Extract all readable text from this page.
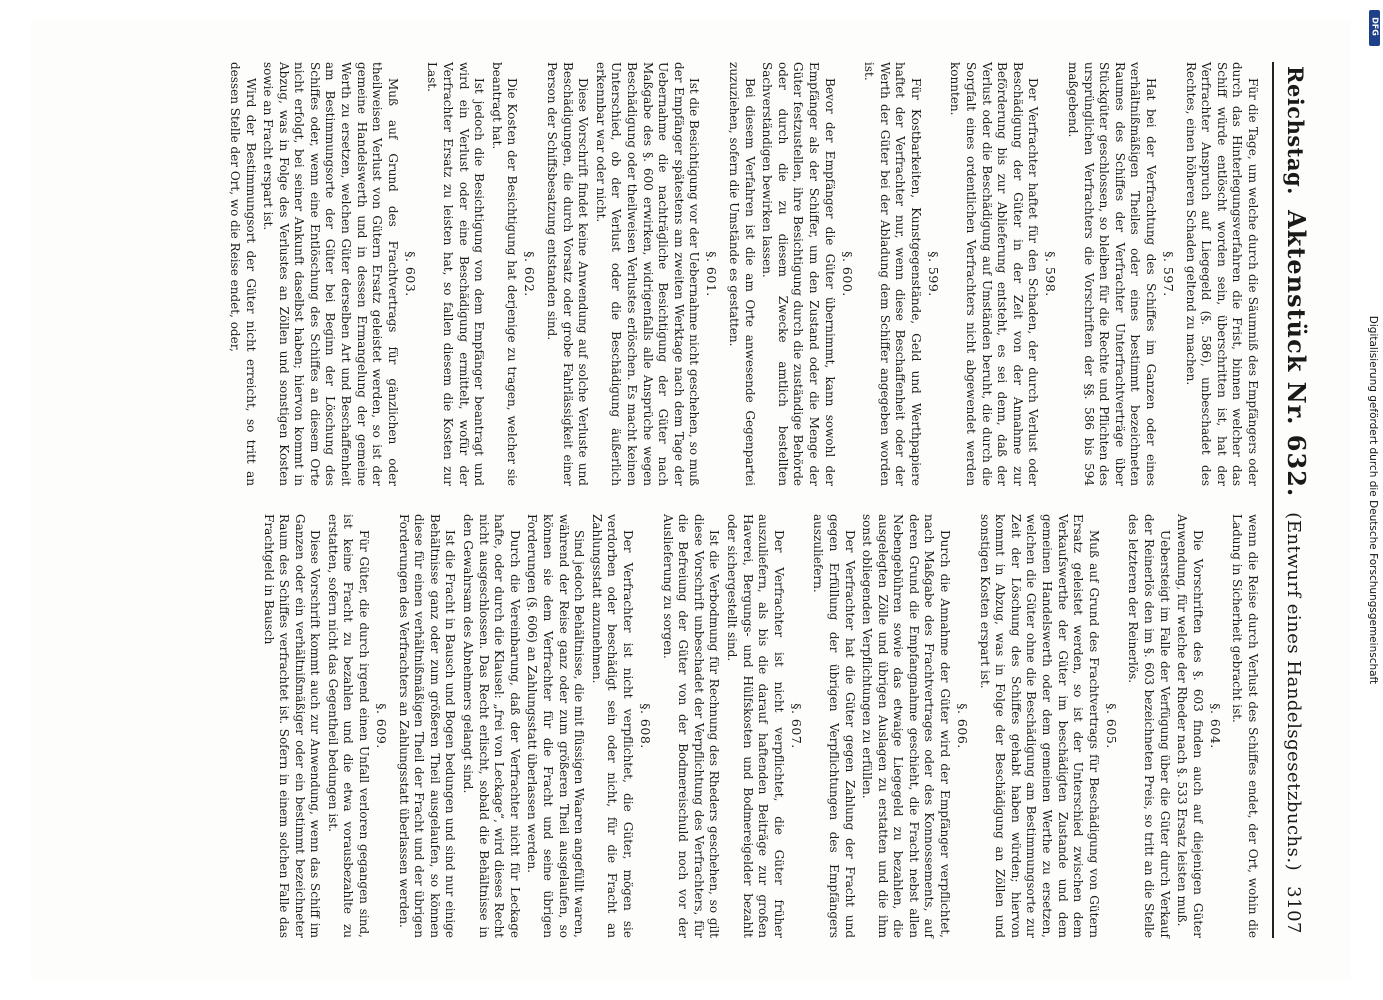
Reichstag.
Aktenstück Nr. 632.
(Entwurf eines Handelsgesetzbuchs.)
3107

Für die Tage, um welche durch die Säumniß des Empfängers oder durch das Hinterlegungsverfahren die Frist, binnen welcher das Schiff würde entlöscht worden sein, überschritten ist, hat der Verfrachter Anspruch auf Liegegeld (§. 586), unbeschadet des Rechtes, einen höheren Schaden geltend zu machen.

§. 597.

Hat bei der Verfrachtung des Schiffes im Ganzen oder eines verhältnißmäßigen Theiles oder eines bestimmt bezeichneten Raumes des Schiffes der Verfrachter Unterfrachtverträge über Stückgüter geschlossen, so bleiben für die Rechte und Pflichten des ursprünglichen Verfrachters die Vorschriften der §§. 586 bis 594 maßgebend.

§. 598.

Der Verfrachter haftet für den Schaden, der durch Verlust oder Beschädigung der Güter in der Zeit von der Annahme zur Beförderung bis zur Ablieferung entsteht, es sei denn, daß der Verlust oder die Beschädigung auf Umständen beruht, die durch die Sorgfalt eines ordentlichen Verfrachters nicht abgewendet werden konnten.

§. 599.

Für Kostbarkeiten, Kunstgegenstände, Geld und Werthpapiere haftet der Verfrachter nur, wenn diese Beschaffenheit oder der Werth der Güter bei der Abladung dem Schiffer angegeben worden ist.

§. 600.

Bevor der Empfänger die Güter übernimmt, kann sowohl der Empfänger als der Schiffer, um den Zustand oder die Menge der Güter festzustellen, ihre Besichtigung durch die zuständige Behörde oder durch die zu diesem Zwecke amtlich bestellten Sachverständigen bewirken lassen.

Bei diesem Verfahren ist die am Orte anwesende Gegenpartei zuzuziehen, sofern die Umstände es gestatten.

§. 601.

Ist die Besichtigung vor der Uebernahme nicht geschehen, so muß der Empfänger spätestens am zweiten Werktage nach dem Tage der Uebernahme die nachträgliche Besichtigung der Güter nach Maßgabe des §. 600 erwirken, widrigenfalls alle Ansprüche wegen Beschädigung oder theilweisen Verlustes erlöschen. Es macht keinen Unterschied, ob der Verlust oder die Beschädigung äußerlich erkennbar war oder nicht.

Diese Vorschrift findet keine Anwendung auf solche Verluste und Beschädigungen, die durch Vorsatz oder grobe Fahrlässigkeit einer Person der Schiffsbesatzung entstanden sind.

§. 602.

Die Kosten der Besichtigung hat derjenige zu tragen, welcher sie beantragt hat.

Ist jedoch die Besichtigung von dem Empfänger beantragt und wird ein Verlust oder eine Beschädigung ermittelt, wofür der Verfrachter Ersatz zu leisten hat, so fallen diesem die Kosten zur Last.

§. 603.

Muß auf Grund des Frachtvertrags für gänzlichen oder theilweisen Verlust von Gütern Ersatz geleistet werden, so ist der gemeine Handelswerth und in dessen Ermangelung der gemeine Werth zu ersetzen, welchen Güter derselben Art und Beschaffenheit am Bestimmungsorte der Güter bei Beginn der Löschung des Schiffes oder, wenn eine Entlöschung des Schiffes an diesem Orte nicht erfolgt, bei seiner Ankunft daselbst haben; hiervon kommt in Abzug, was in Folge des Verlustes an Zöllen und sonstigen Kosten sowie an Fracht erspart ist.

Wird der Bestimmungsort der Güter nicht erreicht, so tritt an dessen Stelle der Ort, wo die Reise endet, oder,

wenn die Reise durch Verlust des Schiffes endet, der Ort, wohin die Ladung in Sicherheit gebracht ist.

§. 604.

Die Vorschriften des §. 603 finden auch auf diejenigen Güter Anwendung, für welche der Rheder nach §. 533 Ersatz leisten muß.

Uebersteigt im Falle der Verfügung über die Güter durch Verkauf der Reinerlös den im §. 603 bezeichneten Preis, so tritt an die Stelle des letzteren der Reinerlös.

§. 605.

Muß auf Grund des Frachtvertrags für Beschädigung von Gütern Ersatz geleistet werden, so ist der Unterschied zwischen dem Verkaufswerthe der Güter im beschädigten Zustande und dem gemeinen Handelswerth oder dem gemeinen Werthe zu ersetzen, welchen die Güter ohne die Beschädigung am Bestimmungsorte zur Zeit der Löschung des Schiffes gehabt haben würden; hiervon kommt in Abzug, was in Folge der Beschädigung an Zöllen und sonstigen Kosten erspart ist.

§. 606.

Durch die Annahme der Güter wird der Empfänger verpflichtet, nach Maßgabe des Frachtvertrages oder des Konnossements, auf deren Grund die Empfangnahme geschieht, die Fracht nebst allen Nebengebühren sowie das etwaige Liegegeld zu bezahlen, die ausgelegten Zölle und übrigen Auslagen zu erstatten und die ihm sonst obliegenden Verpflichtungen zu erfüllen.

Der Verfrachter hat die Güter gegen Zahlung der Fracht und gegen Erfüllung der übrigen Verpflichtungen des Empfängers auszuliefern.

§. 607.

Der Verfrachter ist nicht verpflichtet, die Güter früher auszuliefern, als bis die darauf haftenden Beiträge zur großen Haverei, Bergungs- und Hülfskosten und Bodmereigelder bezahlt oder sichergestellt sind.

Ist die Verbodmung für Rechnung des Rheders geschehen, so gilt diese Vorschrift unbeschadet der Verpflichtung des Verfrachters, für die Befreiung der Güter von der Bodmereischuld noch vor der Auslieferung zu sorgen.

§. 608.

Der Verfrachter ist nicht verpflichtet, die Güter, mögen sie verdorben oder beschädigt sein oder nicht, für die Fracht an Zahlungsstatt anzunehmen.

Sind jedoch Behältnisse, die mit flüssigen Waaren angefüllt waren, während der Reise ganz oder zum größeren Theil ausgelaufen, so können sie dem Verfrachter für die Fracht und seine übrigen Forderungen (§. 606) an Zahlungsstatt überlassen werden.

Durch die Vereinbarung, daß der Verfrachter nicht für Leckage hafte, oder durch die Klausel: „frei von Leckage“, wird dieses Recht nicht ausgeschlossen. Das Recht erlischt, sobald die Behältnisse in den Gewahrsam des Abnehmers gelangt sind.

Ist die Fracht in Bausch und Bogen bedungen und sind nur einige Behältnisse ganz oder zum größeren Theil ausgelaufen, so können diese für einen verhältnißmäßigen Theil der Fracht und der übrigen Forderungen des Verfrachters an Zahlungsstatt überlassen werden.

§. 609.

Für Güter, die durch irgend einen Unfall verloren gegangen sind, ist keine Fracht zu bezahlen und die etwa vorausbezahlte zu erstatten, sofern nicht das Gegentheil bedungen ist.

Diese Vorschrift kommt auch zur Anwendung, wenn das Schiff im Ganzen oder ein verhältnißmäßiger oder ein bestimmt bezeichneter Raum des Schiffes verfrachtet ist. Sofern in einem solchen Falle das Frachtgeld in Bausch	Digitalisierung gefördert durch die Deutsche Forschungsgemeinschaft
DFG
